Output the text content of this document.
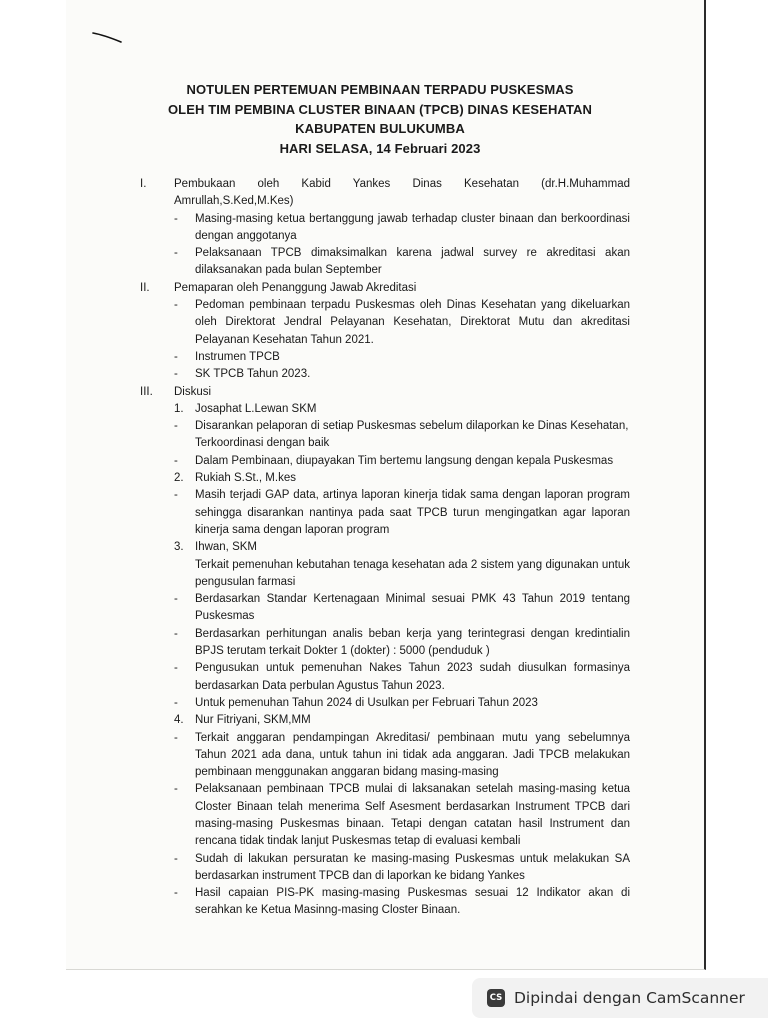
NOTULEN PERTEMUAN PEMBINAAN TERPADU PUSKESMAS
OLEH TIM PEMBINA CLUSTER BINAAN (TPCB) DINAS KESEHATAN
KABUPATEN BULUKUMBA
HARI SELASA, 14 Februari 2023
I. Pembukaan oleh Kabid Yankes Dinas Kesehatan (dr.H.Muhammad Amrullah,S.Ked,M.Kes)
- Masing-masing ketua bertanggung jawab terhadap cluster binaan dan berkoordinasi dengan anggotanya
- Pelaksanaan TPCB dimaksimalkan karena jadwal survey re akreditasi akan dilaksanakan pada bulan September
II. Pemaparan oleh Penanggung Jawab Akreditasi
- Pedoman pembinaan terpadu Puskesmas oleh Dinas Kesehatan yang dikeluarkan oleh Direktorat Jendral Pelayanan Kesehatan, Direktorat Mutu dan akreditasi Pelayanan Kesehatan Tahun 2021.
- Instrumen TPCB
- SK TPCB Tahun 2023.
III. Diskusi
1. Josaphat L.Lewan SKM
- Disarankan pelaporan di setiap Puskesmas sebelum dilaporkan ke Dinas Kesehatan, Terkoordinasi dengan baik
- Dalam Pembinaan, diupayakan Tim bertemu langsung dengan kepala Puskesmas
2. Rukiah S.St., M.kes
- Masih terjadi GAP data, artinya laporan kinerja tidak sama dengan laporan program sehingga disarankan nantinya pada saat TPCB turun mengingatkan agar laporan kinerja sama dengan laporan program
3. Ihwan, SKM
Terkait pemenuhan kebutahan tenaga kesehatan ada 2 sistem yang digunakan untuk pengusulan farmasi
- Berdasarkan Standar Kertenagaan Minimal sesuai PMK 43 Tahun 2019 tentang Puskesmas
- Berdasarkan perhitungan analis beban kerja yang terintegrasi dengan kredintialin BPJS terutam terkait Dokter 1 (dokter) : 5000 (penduduk )
- Pengusukan untuk pemenuhan Nakes Tahun 2023 sudah diusulkan formasinya berdasarkan Data perbulan Agustus Tahun 2023.
- Untuk pemenuhan Tahun 2024 di Usulkan per Februari Tahun 2023
4. Nur Fitriyani, SKM,MM
- Terkait anggaran pendampingan Akreditasi/ pembinaan mutu yang sebelumnya Tahun 2021 ada dana, untuk tahun ini tidak ada anggaran. Jadi TPCB melakukan pembinaan menggunakan anggaran bidang masing-masing
- Pelaksanaan pembinaan TPCB mulai di laksanakan setelah masing-masing ketua Closter Binaan telah menerima Self Asesment berdasarkan Instrument TPCB dari masing-masing Puskesmas binaan. Tetapi dengan catatan hasil Instrument dan rencana tidak tindak lanjut Puskesmas tetap di evaluasi kembali
- Sudah di lakukan persuratan ke masing-masing Puskesmas untuk melakukan SA berdasarkan instrument TPCB dan di laporkan ke bidang Yankes
- Hasil capaian PIS-PK masing-masing Puskesmas sesuai 12 Indikator akan di serahkan ke Ketua Masinng-masing Closter Binaan.
CS Dipindai dengan CamScanner
